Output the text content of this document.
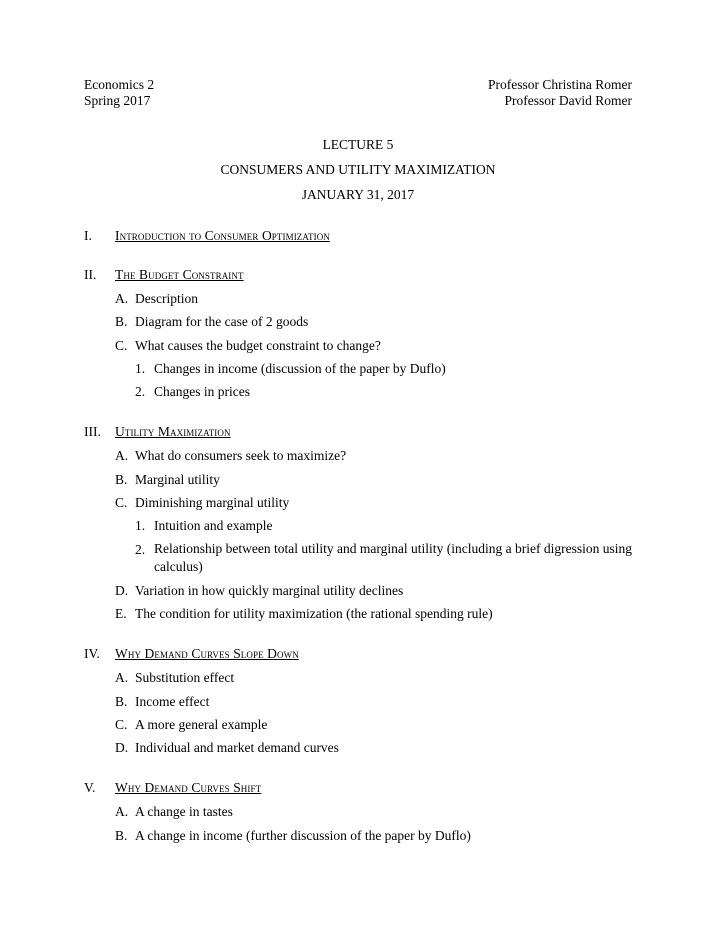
Economics 2	Professor Christina Romer
Spring 2017	Professor David Romer
LECTURE 5
CONSUMERS AND UTILITY MAXIMIZATION
JANUARY 31, 2017
I.	Introduction to Consumer Optimization
II.	The Budget Constraint
A. Description
B. Diagram for the case of 2 goods
C. What causes the budget constraint to change?
1. Changes in income (discussion of the paper by Duflo)
2. Changes in prices
III.	Utility Maximization
A. What do consumers seek to maximize?
B. Marginal utility
C. Diminishing marginal utility
1. Intuition and example
2. Relationship between total utility and marginal utility (including a brief digression using calculus)
D. Variation in how quickly marginal utility declines
E. The condition for utility maximization (the rational spending rule)
IV.	Why Demand Curves Slope Down
A. Substitution effect
B. Income effect
C. A more general example
D. Individual and market demand curves
V.	Why Demand Curves Shift
A. A change in tastes
B. A change in income (further discussion of the paper by Duflo)
